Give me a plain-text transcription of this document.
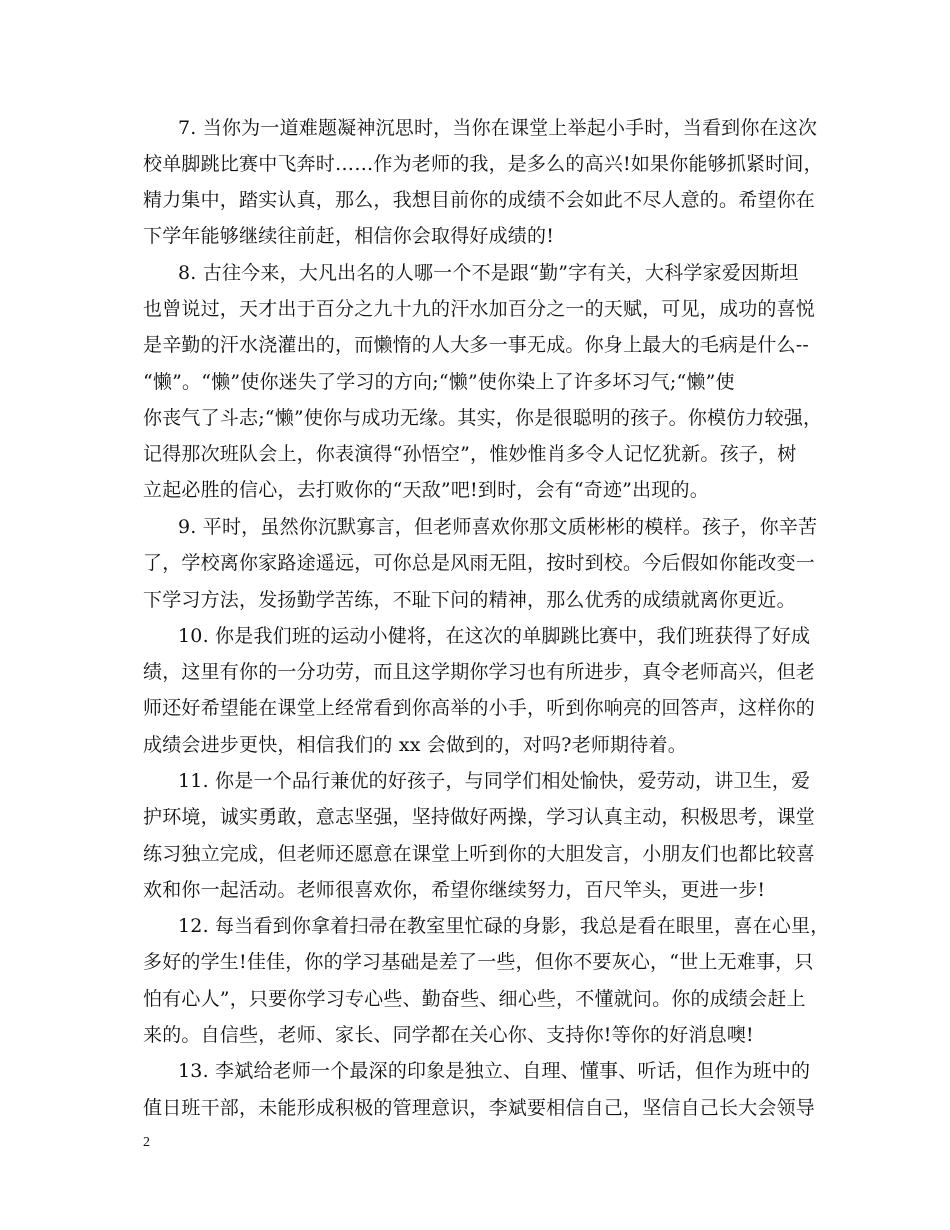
7. 当你为一道难题凝神沉思时，当你在课堂上举起小手时，当看到你在这次
校单脚跳比赛中飞奔时……作为老师的我，是多么的高兴!如果你能够抓紧时间，
精力集中，踏实认真，那么，我想目前你的成绩不会如此不尽人意的。希望你在
下学年能够继续往前赶，相信你会取得好成绩的!
8. 古往今来，大凡出名的人哪一个不是跟“勤”字有关，大科学家爱因斯坦
也曾说过，天才出于百分之九十九的汗水加百分之一的天赋，可见，成功的喜悦
是辛勤的汗水浇灌出的，而懒惰的人大多一事无成。你身上最大的毛病是什么--
“懒”。“懒”使你迷失了学习的方向;“懒”使你染上了许多坏习气;“懒”使
你丧气了斗志;“懒”使你与成功无缘。其实，你是很聪明的孩子。你模仿力较强，
记得那次班队会上，你表演得“孙悟空”，惟妙惟肖多令人记忆犹新。孩子，树
立起必胜的信心，去打败你的“天敌”吧!到时，会有“奇迹”出现的。
9. 平时，虽然你沉默寡言，但老师喜欢你那文质彬彬的模样。孩子，你辛苦
了，学校离你家路途遥远，可你总是风雨无阻，按时到校。今后假如你能改变一
下学习方法，发扬勤学苦练，不耻下问的精神，那么优秀的成绩就离你更近。
10. 你是我们班的运动小健将，在这次的单脚跳比赛中，我们班获得了好成
绩，这里有你的一分功劳，而且这学期你学习也有所进步，真令老师高兴，但老
师还好希望能在课堂上经常看到你高举的小手，听到你响亮的回答声，这样你的
成绩会进步更快，相信我们的 xx 会做到的，对吗?老师期待着。
11. 你是一个品行兼优的好孩子，与同学们相处愉快，爱劳动，讲卫生，爱
护环境，诚实勇敢，意志坚强，坚持做好两操，学习认真主动，积极思考，课堂
练习独立完成，但老师还愿意在课堂上听到你的大胆发言，小朋友们也都比较喜
欢和你一起活动。老师很喜欢你，希望你继续努力，百尺竿头，更进一步!
12. 每当看到你拿着扫帚在教室里忙碌的身影，我总是看在眼里，喜在心里，
多好的学生!佳佳，你的学习基础是差了一些，但你不要灰心，“世上无难事，只
怕有心人”，只要你学习专心些、勤奋些、细心些，不懂就问。你的成绩会赶上
来的。自信些，老师、家长、同学都在关心你、支持你!等你的好消息噢!
13. 李斌给老师一个最深的印象是独立、自理、懂事、听话，但作为班中的
值日班干部，未能形成积极的管理意识，李斌要相信自己，坚信自己长大会领导
2
